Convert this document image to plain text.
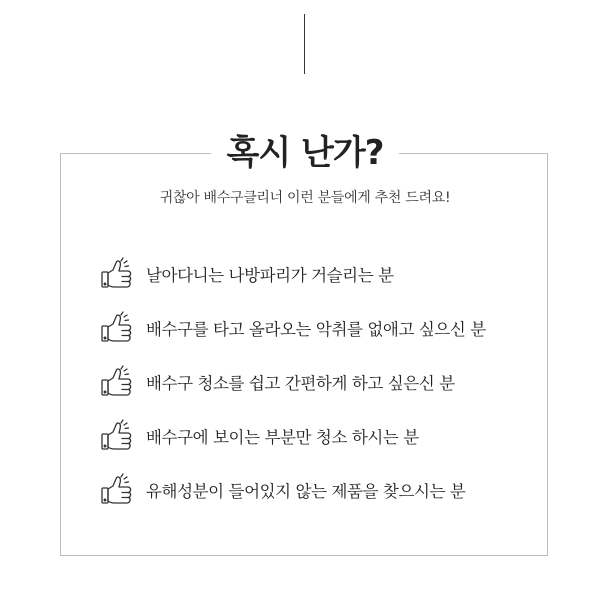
혹시 난가?
귀찮아 배수구클리너 이런 분들에게 추천 드려요!
날아다니는 나방파리가 거슬리는 분
배수구를 타고 올라오는 악취를 없애고 싶으신 분
배수구 청소를 쉽고 간편하게 하고 싶은신 분
배수구에 보이는 부분만 청소 하시는 분
유해성분이 들어있지 않는 제품을 찾으시는 분
